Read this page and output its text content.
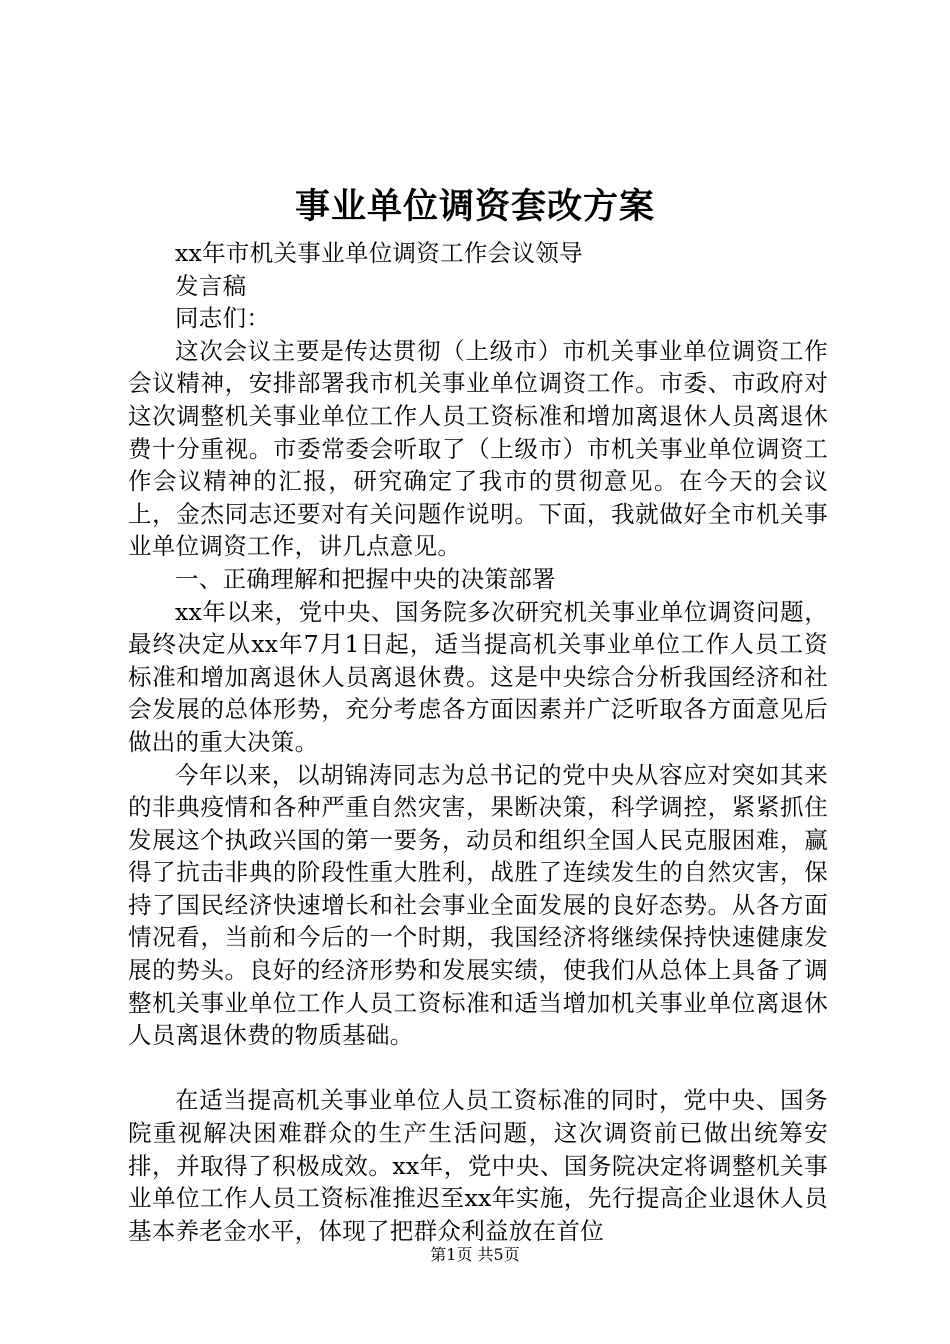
事业单位调资套改方案

xx年市机关事业单位调资工作会议领导

发言稿

同志们：

这次会议主要是传达贯彻（上级市）市机关事业单位调资工作会议精神，安排部署我市机关事业单位调资工作。市委、市政府对这次调整机关事业单位工作人员工资标准和增加离退休人员离退休费十分重视。市委常委会听取了（上级市）市机关事业单位调资工作会议精神的汇报，研究确定了我市的贯彻意见。在今天的会议上，金杰同志还要对有关问题作说明。下面，我就做好全市机关事业单位调资工作，讲几点意见。

一、正确理解和把握中央的决策部署

xx年以来，党中央、国务院多次研究机关事业单位调资问题，最终决定从xx年7月1日起，适当提高机关事业单位工作人员工资标准和增加离退休人员离退休费。这是中央综合分析我国经济和社会发展的总体形势，充分考虑各方面因素并广泛听取各方面意见后做出的重大决策。

今年以来，以胡锦涛同志为总书记的党中央从容应对突如其来的非典疫情和各种严重自然灾害，果断决策，科学调控，紧紧抓住发展这个执政兴国的第一要务，动员和组织全国人民克服困难，赢得了抗击非典的阶段性重大胜利，战胜了连续发生的自然灾害，保持了国民经济快速增长和社会事业全面发展的良好态势。从各方面情况看，当前和今后的一个时期，我国经济将继续保持快速健康发展的势头。良好的经济形势和发展实绩，使我们从总体上具备了调整机关事业单位工作人员工资标准和适当增加机关事业单位离退休人员离退休费的物质基础。

在适当提高机关事业单位人员工资标准的同时，党中央、国务院重视解决困难群众的生产生活问题，这次调资前已做出统筹安排，并取得了积极成效。xx年，党中央、国务院决定将调整机关事业单位工作人员工资标准推迟至xx年实施，先行提高企业退休人员基本养老金水平，体现了把群众利益放在首位

第1页 共5页
